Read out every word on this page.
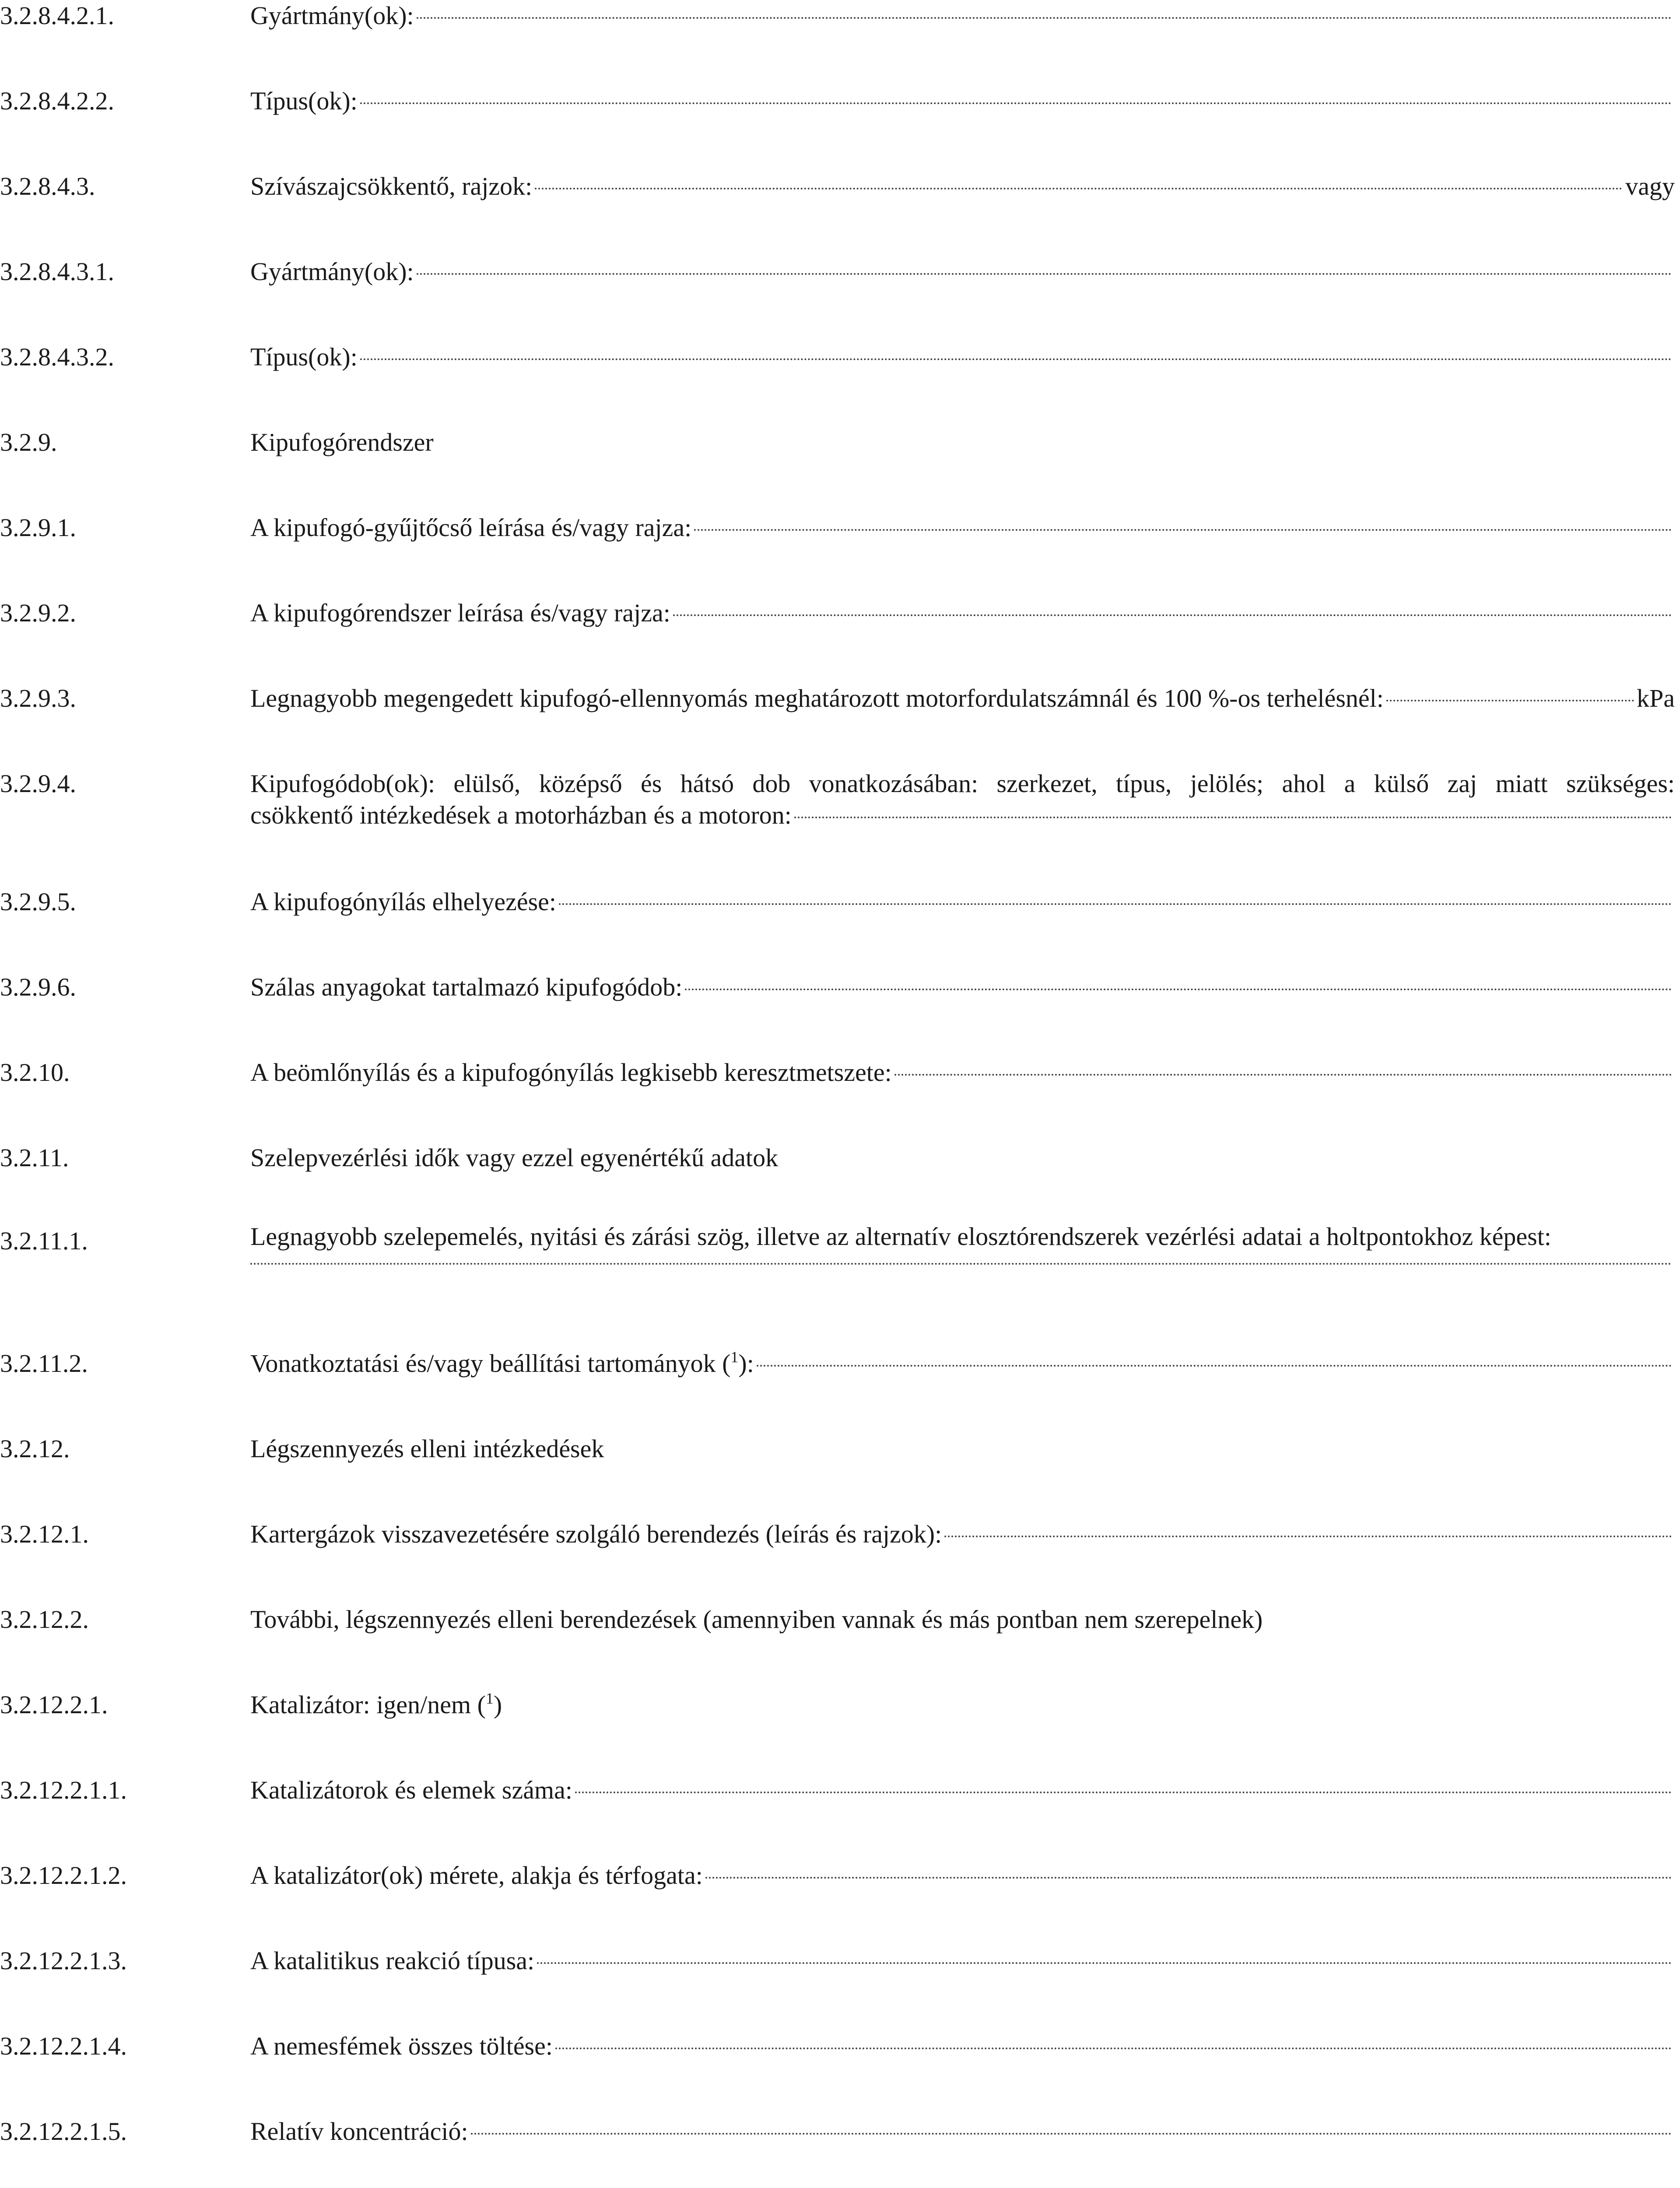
3.2.8.4.2.1.	Gyártmány(ok):
3.2.8.4.2.2.	Típus(ok):
3.2.8.4.3.	Szívászajcsökkentő, rajzok:	vagy
3.2.8.4.3.1.	Gyártmány(ok):
3.2.8.4.3.2.	Típus(ok):
3.2.9.	Kipufogórendszer
3.2.9.1.	A kipufogó-gyűjtőcső leírása és/vagy rajza:
3.2.9.2.	A kipufogórendszer leírása és/vagy rajza:
3.2.9.3.	Legnagyobb megengedett kipufogó-ellennyomás meghatározott motorfordulatszámnál és 100 %-os terhelésnél:	kPa
3.2.9.4.	Kipufogódob(ok): elülső, középső és hátsó dob vonatkozásában: szerkezet, típus, jelölés; ahol a külső zaj miatt szükséges:
csökkentő intézkedések a motorházban és a motoron:
3.2.9.5.	A kipufogónyílás elhelyezése:
3.2.9.6.	Szálas anyagokat tartalmazó kipufogódob:
3.2.10.	A beömlőnyílás és a kipufogónyílás legkisebb keresztmetszete:
3.2.11.	Szelepvezérlési idők vagy ezzel egyenértékű adatok
3.2.11.1.	Legnagyobb szelepemelés, nyitási és zárási szög, illetve az alternatív elosztórendszerek vezérlési adatai a holtpontokhoz képest:
3.2.11.2.	Vonatkoztatási és/vagy beállítási tartományok ($^1$):
3.2.12.	Légszennyezés elleni intézkedések
3.2.12.1.	Kartergázok visszavezetésére szolgáló berendezés (leírás és rajzok):
3.2.12.2.	További, légszennyezés elleni berendezések (amennyiben vannak és más pontban nem szerepelnek)
3.2.12.2.1.	Katalizátor: igen/nem ($^1$)
3.2.12.2.1.1.	Katalizátorok és elemek száma:
3.2.12.2.1.2.	A katalizátor(ok) mérete, alakja és térfogata:
3.2.12.2.1.3.	A katalitikus reakció típusa:
3.2.12.2.1.4.	A nemesfémek összes töltése:
3.2.12.2.1.5.	Relatív koncentráció:
